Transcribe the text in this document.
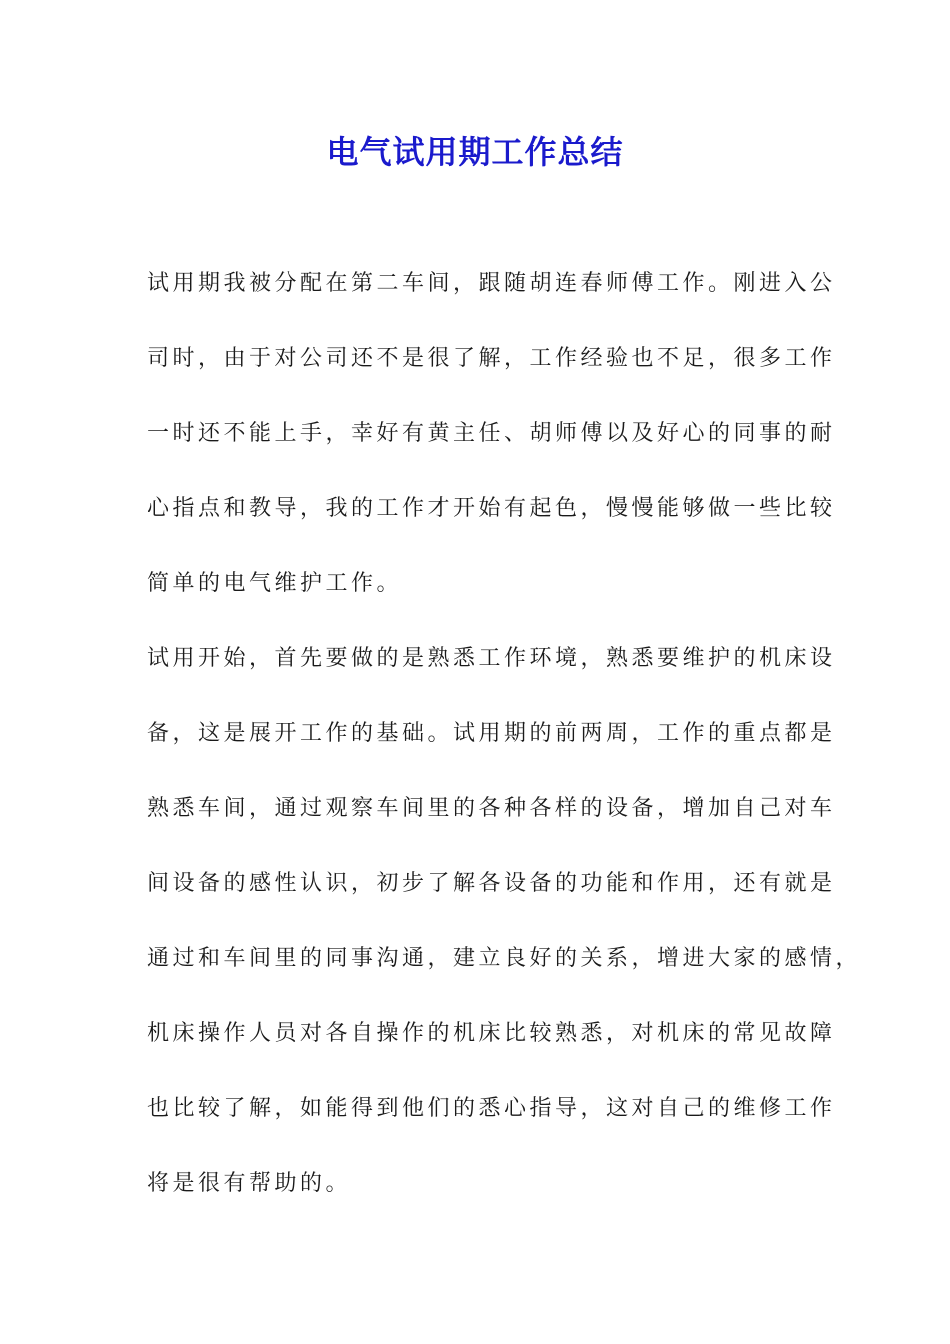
电气试用期工作总结

试用期我被分配在第二车间，跟随胡连春师傅工作。刚进入公
司时，由于对公司还不是很了解，工作经验也不足，很多工作
一时还不能上手，幸好有黄主任、胡师傅以及好心的同事的耐
心指点和教导，我的工作才开始有起色，慢慢能够做一些比较
简单的电气维护工作。

试用开始，首先要做的是熟悉工作环境，熟悉要维护的机床设
备，这是展开工作的基础。试用期的前两周，工作的重点都是
熟悉车间，通过观察车间里的各种各样的设备，增加自己对车
间设备的感性认识，初步了解各设备的功能和作用，还有就是
通过和车间里的同事沟通，建立良好的关系，增进大家的感情，
机床操作人员对各自操作的机床比较熟悉，对机床的常见故障
也比较了解，如能得到他们的悉心指导，这对自己的维修工作
将是很有帮助的。
